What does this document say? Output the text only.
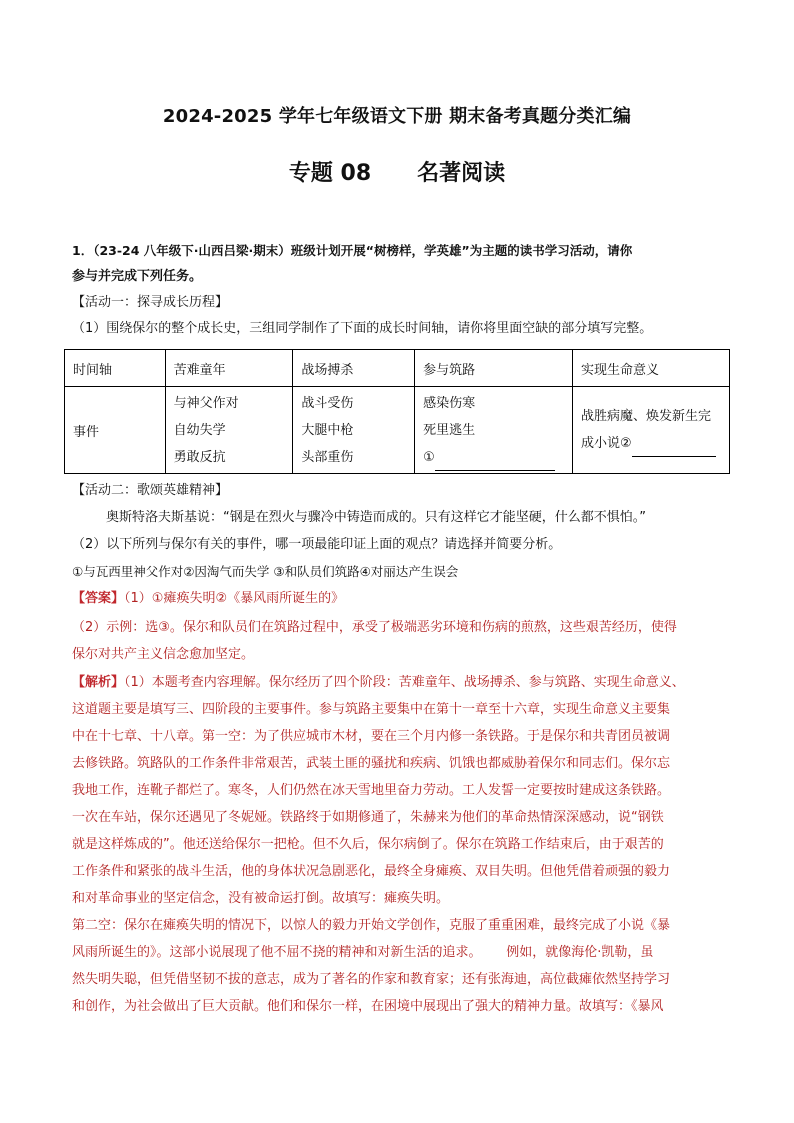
2024-2025 学年七年级语文下册 期末备考真题分类汇编
专题 08      名著阅读
1．（23-24 八年级下·山西吕梁·期末）班级计划开展“树榜样，学英雄”为主题的读书学习活动，请你
参与并完成下列任务。
【活动一：探寻成长历程】
（1）围绕保尔的整个成长史，三组同学制作了下面的成长时间轴，请你将里面空缺的部分填写完整。
时间轴	苦难童年	战场搏杀	参与筑路	实现生命意义
事件	与神父作对
自幼失学
勇敢反抗	战斗受伤
大腿中枪
头部重伤	感染伤寒
死里逃生
①	战胜病魔、焕发新生完
成小说②
【活动二：歌颂英雄精神】
奥斯特洛夫斯基说：“钢是在烈火与骤冷中铸造而成的。只有这样它才能坚硬，什么都不惧怕。”
（2）以下所列与保尔有关的事件，哪一项最能印证上面的观点？请选择并简要分析。
①与瓦西里神父作对②因淘气而失学 ③和队员们筑路④对丽达产生误会
【答案】（1）①瘫痪失明②《暴风雨所诞生的》
（2）示例：选③。保尔和队员们在筑路过程中，承受了极端恶劣环境和伤病的煎熬，这些艰苦经历，使得
保尔对共产主义信念愈加坚定。
【解析】（1）本题考查内容理解。保尔经历了四个阶段：苦难童年、战场搏杀、参与筑路、实现生命意义、
这道题主要是填写三、四阶段的主要事件。参与筑路主要集中在第十一章至十六章，实现生命意义主要集
中在十七章、十八章。第一空：为了供应城市木材，要在三个月内修一条铁路。于是保尔和共青团员被调
去修铁路。筑路队的工作条件非常艰苦，武装土匪的骚扰和疾病、饥饿也都威胁着保尔和同志们。保尔忘
我地工作，连靴子都烂了。寒冬，人们仍然在冰天雪地里奋力劳动。工人发誓一定要按时建成这条铁路。
一次在车站，保尔还遇见了冬妮娅。铁路终于如期修通了，朱赫来为他们的革命热情深深感动，说“钢铁
就是这样炼成的”。他还送给保尔一把枪。但不久后，保尔病倒了。保尔在筑路工作结束后，由于艰苦的
工作条件和紧张的战斗生活，他的身体状况急剧恶化，最终全身瘫痪、双目失明。但他凭借着顽强的毅力
和对革命事业的坚定信念，没有被命运打倒。故填写：瘫痪失明。
第二空：保尔在瘫痪失明的情况下，以惊人的毅力开始文学创作，克服了重重困难，最终完成了小说《暴
风雨所诞生的》。这部小说展现了他不屈不挠的精神和对新生活的追求。      例如，就像海伦·凯勒，虽
然失明失聪，但凭借坚韧不拔的意志，成为了著名的作家和教育家；还有张海迪，高位截瘫依然坚持学习
和创作，为社会做出了巨大贡献。他们和保尔一样，在困境中展现出了强大的精神力量。故填写：《暴风
